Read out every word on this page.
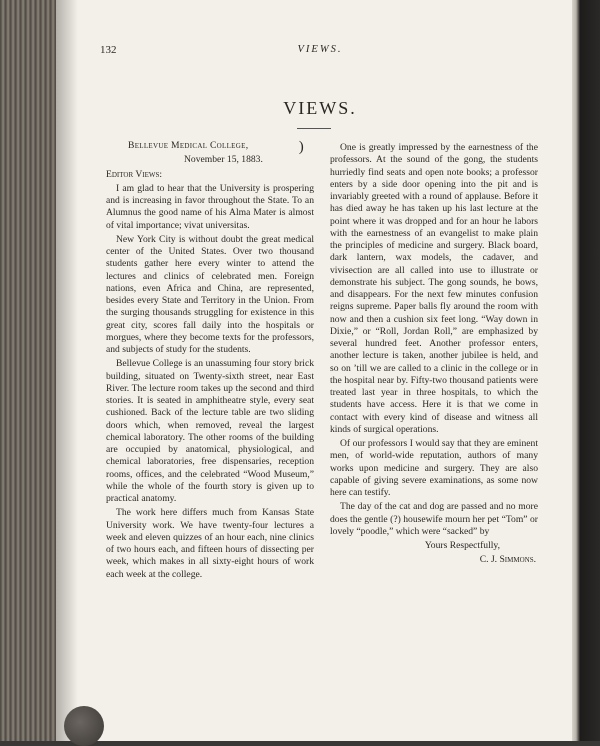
132	VIEWS.
VIEWS.

Bellevue Medical College,	)

November 15, 1883.

Editor Views:

I am glad to hear that the University is prospering and is increasing in favor throughout the State. To an Alumnus the good name of his Alma Mater is almost of vital importance; vivat universitas.

New York City is without doubt the great medical center of the United States. Over two thousand students gather here every winter to attend the lectures and clinics of celebrated men. Foreign nations, even Africa and China, are represented, besides every State and Territory in the Union. From the surging thousands struggling for existence in this great city, scores fall daily into the hospitals or morgues, where they become texts for the professors, and subjects of study for the students.

Bellevue College is an unassuming four story brick building, situated on Twenty-sixth street, near East River. The lecture room takes up the second and third stories. It is seated in amphitheatre style, every seat cushioned. Back of the lecture table are two sliding doors which, when removed, reveal the largest chemical laboratory. The other rooms of the building are occupied by anatomical, physiological, and chemical laboratories, free dispensaries, reception rooms, offices, and the celebrated “Wood Museum,” while the whole of the fourth story is given up to practical anatomy.

The work here differs much from Kansas State University work. We have twenty-four lectures a week and eleven quizzes of an hour each, nine clinics of two hours each, and fifteen hours of dissecting per week, which makes in all sixty-eight hours of work each week at the college.

One is greatly impressed by the earnestness of the professors. At the sound of the gong, the students hurriedly find seats and open note books; a professor enters by a side door opening into the pit and is invariably greeted with a round of applause. Before it has died away he has taken up his last lecture at the point where it was dropped and for an hour he labors with the earnestness of an evangelist to make plain the principles of medicine and surgery. Black board, dark lantern, wax models, the cadaver, and vivisection are all called into use to illustrate or demonstrate his subject. The gong sounds, he bows, and disappears. For the next few minutes confusion reigns supreme. Paper balls fly around the room with now and then a cushion six feet long. “Way down in Dixie,” or “Roll, Jordan Roll,” are emphasized by several hundred feet. Another professor enters, another lecture is taken, another jubilee is held, and so on ’till we are called to a clinic in the college or in the hospital near by. Fifty-two thousand patients were treated last year in three hospitals, to which the students have access. Here it is that we come in contact with every kind of disease and witness all kinds of surgical operations.

Of our professors I would say that they are eminent men, of world-wide reputation, authors of many works upon medicine and surgery. They are also capable of giving severe examinations, as some now here can testify.

The day of the cat and dog are passed and no more does the gentle (?) housewife mourn her pet “Tom” or lovely “poodle,” which were “sacked” by

Yours Respectfully,

C. J. Simmons.
